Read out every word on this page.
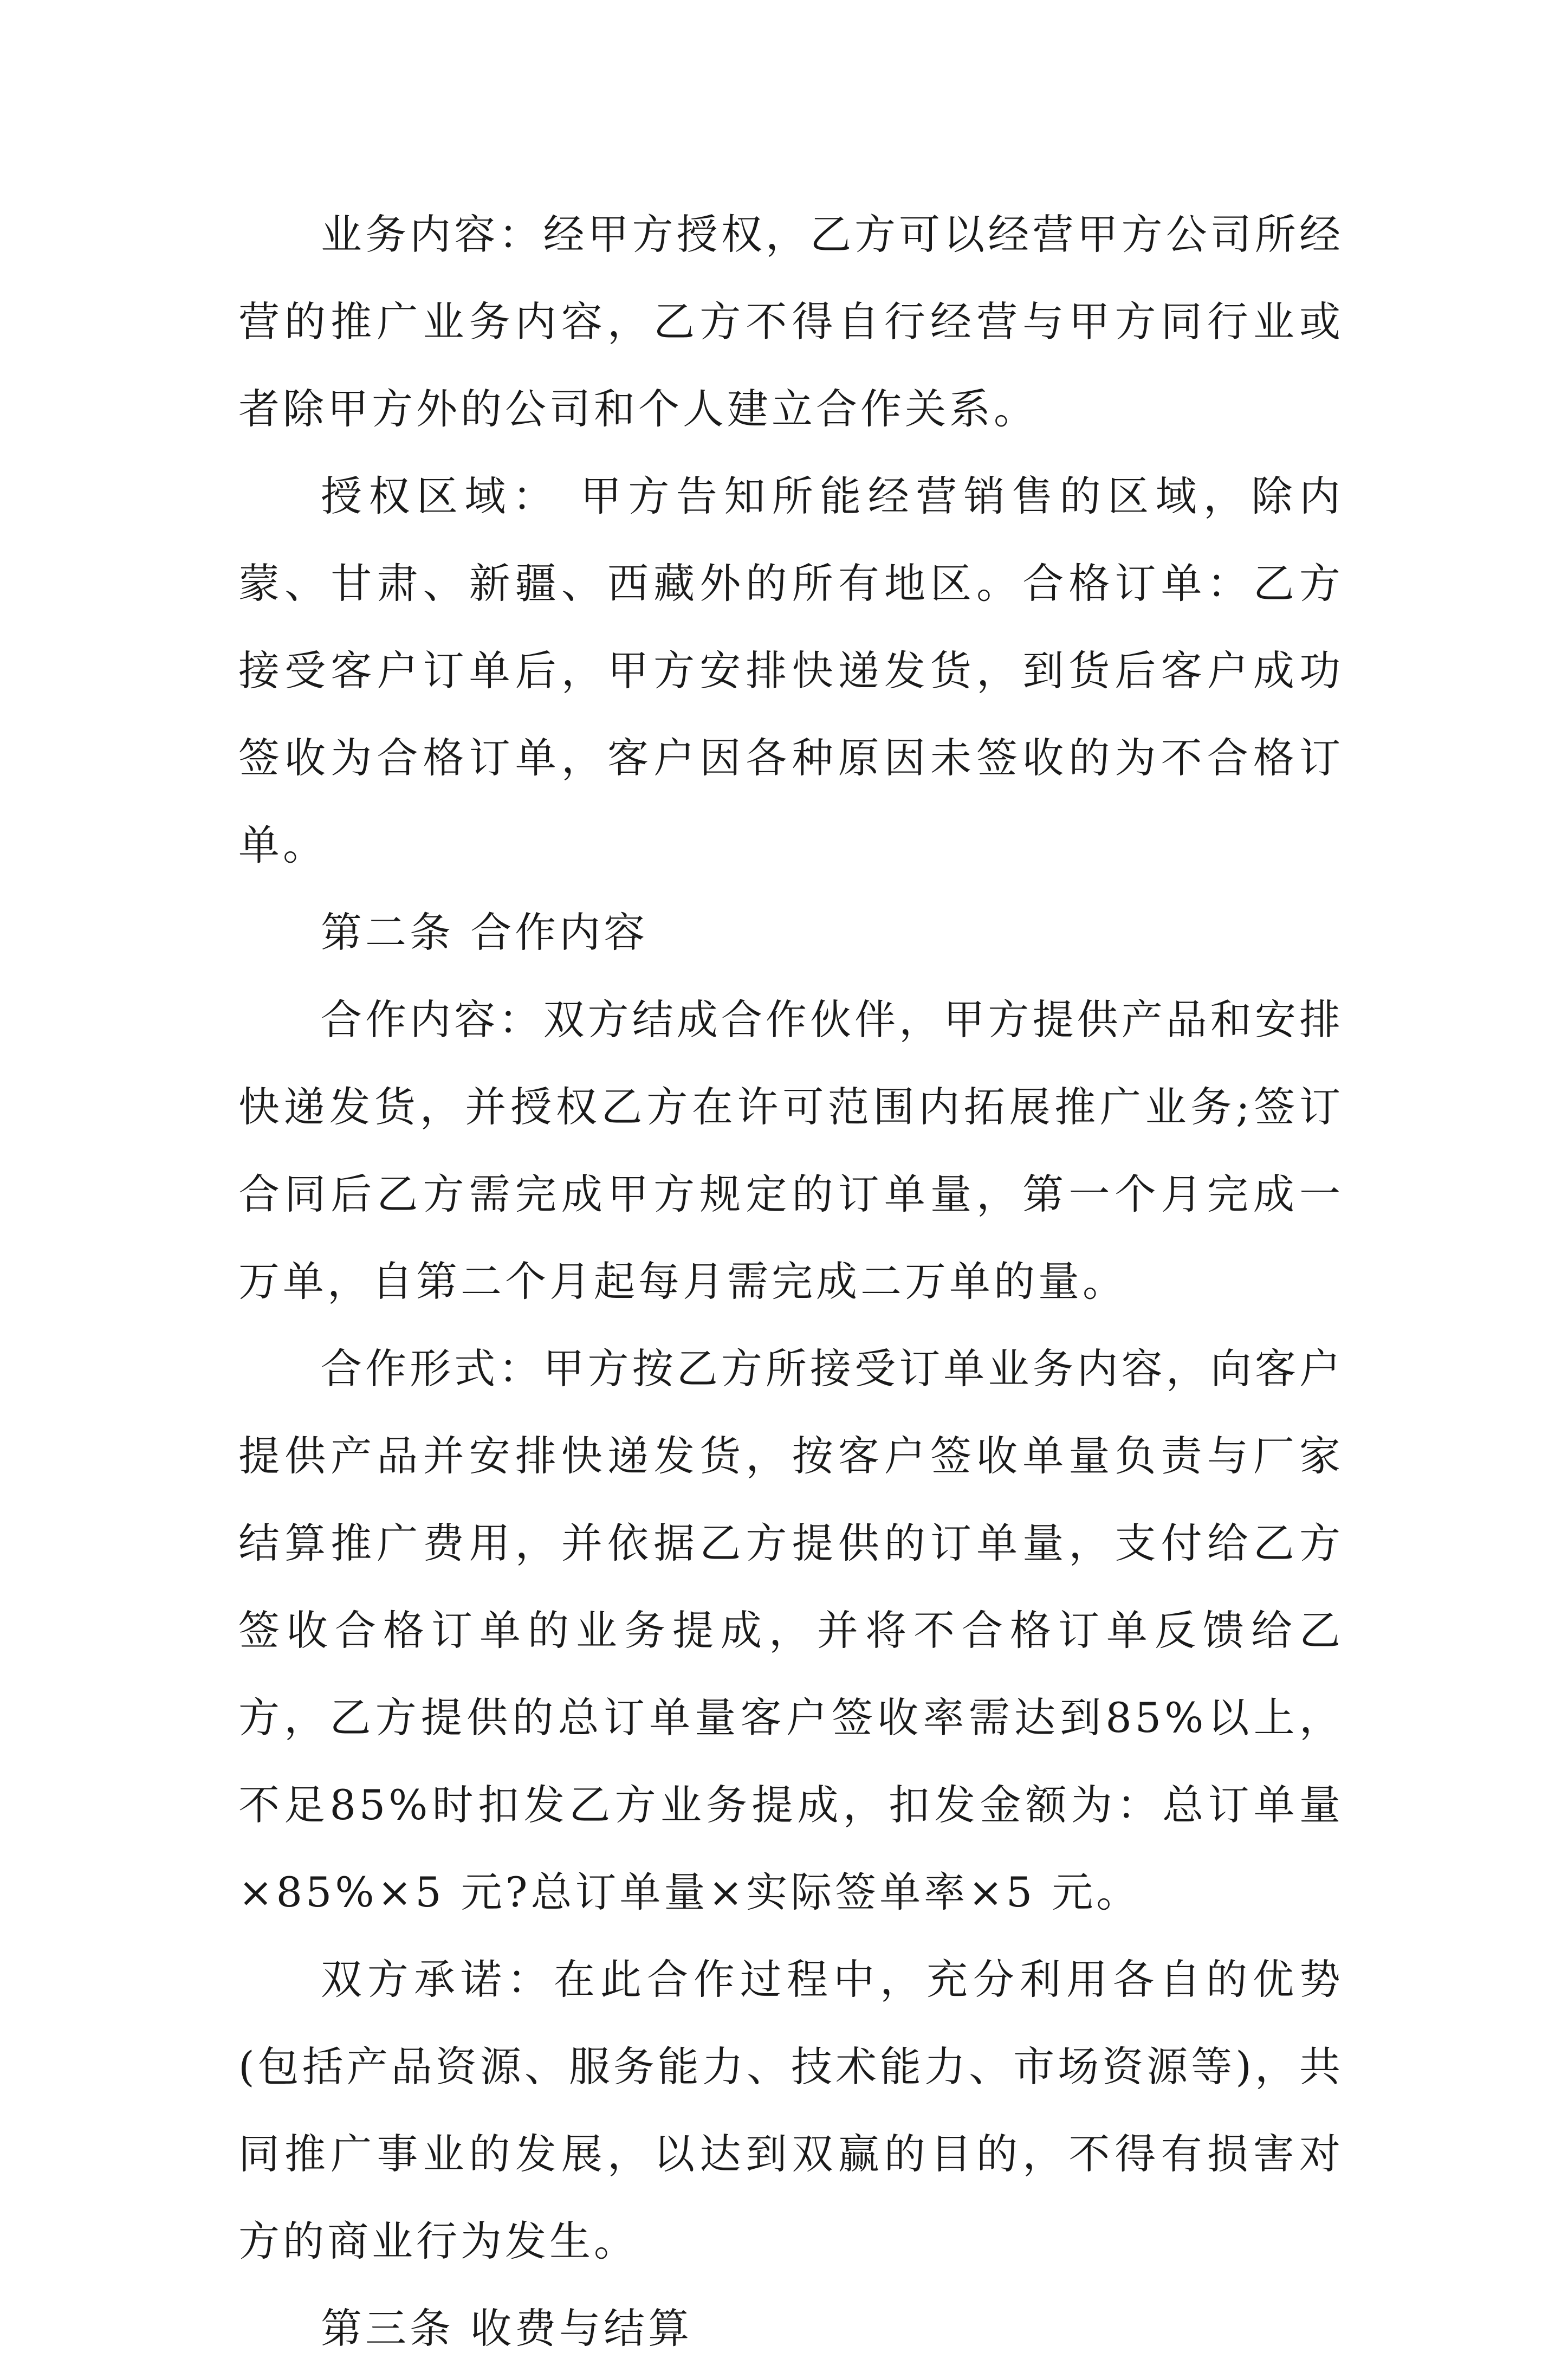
业务内容：经甲方授权，乙方可以经营甲方公司所经营的推广业务内容，乙方不得自行经营与甲方同行业或者除甲方外的公司和个人建立合作关系。

授权区域： 甲方告知所能经营销售的区域，除内蒙、甘肃、新疆、西藏外的所有地区。合格订单：乙方接受客户订单后，甲方安排快递发货，到货后客户成功签收为合格订单，客户因各种原因未签收的为不合格订单。

第二条 合作内容

合作内容：双方结成合作伙伴，甲方提供产品和安排快递发货，并授权乙方在许可范围内拓展推广业务;签订合同后乙方需完成甲方规定的订单量，第一个月完成一万单，自第二个月起每月需完成二万单的量。

合作形式：甲方按乙方所接受订单业务内容，向客户提供产品并安排快递发货，按客户签收单量负责与厂家结算推广费用，并依据乙方提供的订单量，支付给乙方签收合格订单的业务提成，并将不合格订单反馈给乙方，乙方提供的总订单量客户签收率需达到85%以上，不足85%时扣发乙方业务提成，扣发金额为：总订单量×85%×5 元?总订单量×实际签单率×5 元。

双方承诺：在此合作过程中，充分利用各自的优势(包括产品资源、服务能力、技术能力、市场资源等)，共同推广事业的发展，以达到双赢的目的，不得有损害对方的商业行为发生。

第三条 收费与结算
